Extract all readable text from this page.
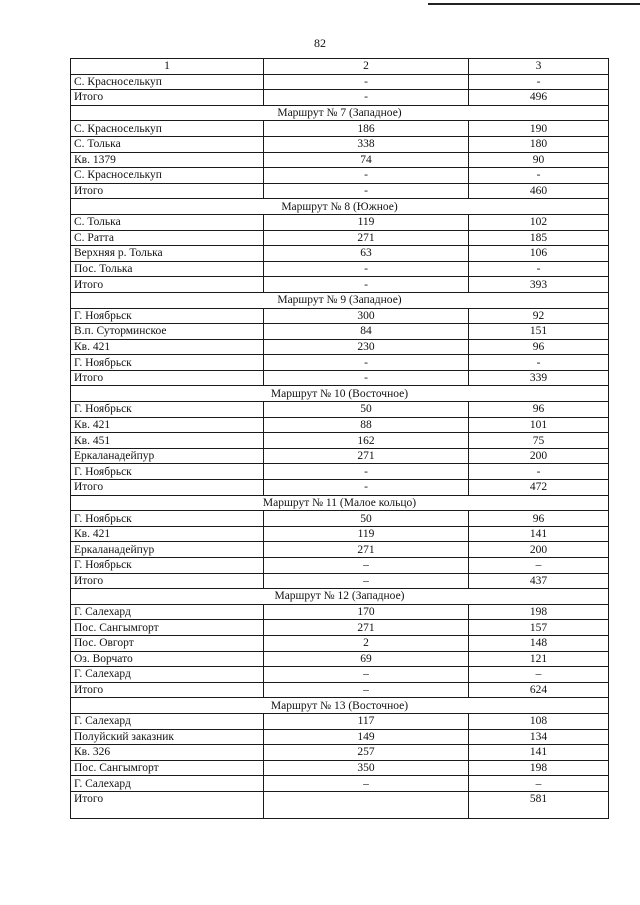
82
1	2	3
С. Красноселькуп	-	-
Итого	-	496
Маршрут № 7 (Западное)		
С. Красноселькуп	186	190
С. Толька	338	180
Кв. 1379	74	90
С. Красноселькуп	-	-
Итого	-	460
Маршрут № 8 (Южное)		
С. Толька	119	102
С. Ратта	271	185
Верхняя р. Толька	63	106
Пос. Толька	-	-
Итого	-	393
Маршрут № 9 (Западное)		
Г. Ноябрьск	300	92
В.п. Суторминское	84	151
Кв. 421	230	96
Г. Ноябрьск	-	-
Итого	-	339
Маршрут № 10 (Восточное)		
Г. Ноябрьск	50	96
Кв. 421	88	101
Кв. 451	162	75
Еркаланадейпур	271	200
Г. Ноябрьск	-	-
Итого	-	472
Маршрут № 11 (Малое кольцо)		
Г. Ноябрьск	50	96
Кв. 421	119	141
Еркаланадейпур	271	200
Г. Ноябрьск	–	–
Итого	–	437
Маршрут № 12 (Западное)		
Г. Салехард	170	198
Пос. Сангымгорт	271	157
Пос. Овгорт	2	148
Оз. Ворчато	69	121
Г. Салехард	–	–
Итого	–	624
Маршрут № 13 (Восточное)		
Г. Салехард	117	108
Полуйский заказник	149	134
Кв. 326	257	141
Пос. Сангымгорт	350	198
Г. Салехард	–	–
Итого		581
